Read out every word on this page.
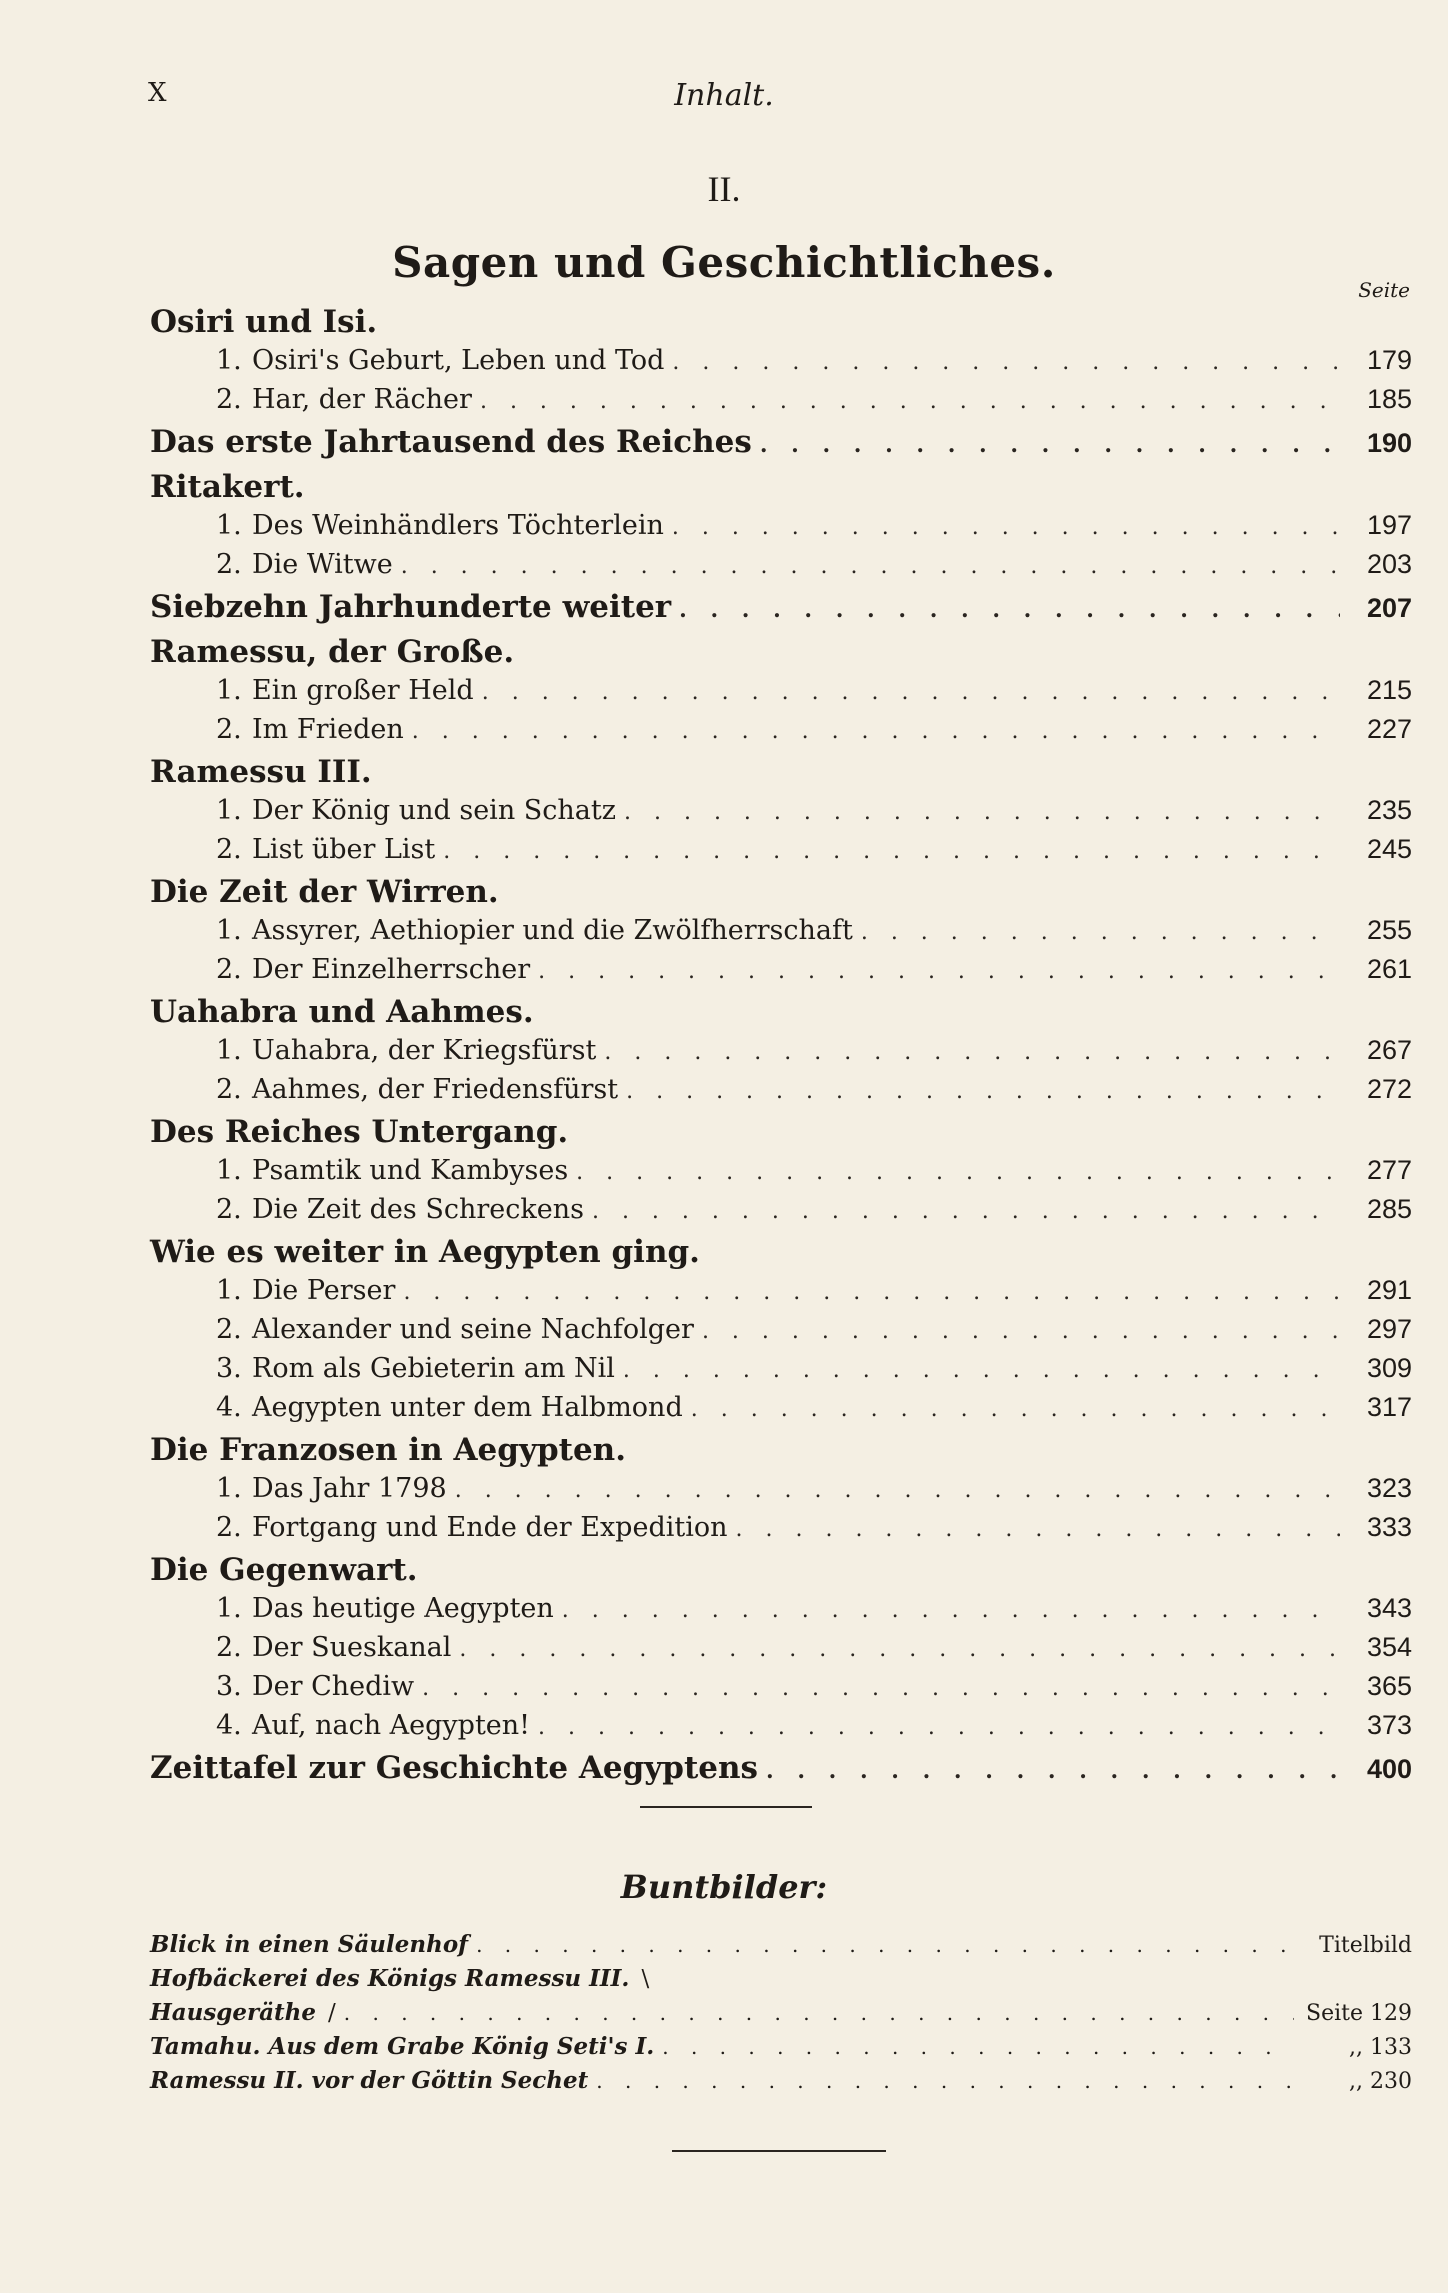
X	Inhalt.
II.
Sagen und Geschichtliches.
Seite
Osiri und Isi.
1. Osiri's Geburt, Leben und Tod . . .	179
2. Har, der Rächer . . .	185
Das erste Jahrtausend des Reiches . . .	190
Ritakert.
1. Des Weinhändlers Töchterlein . . .	197
2. Die Witwe . . .	203
Siebzehn Jahrhunderte weiter . . .	207
Ramessu, der Große.
1. Ein großer Held . . .	215
2. Im Frieden . . .	227
Ramessu III.
1. Der König und sein Schatz . . .	235
2. List über List . . .	245
Die Zeit der Wirren.
1. Assyrer, Aethiopier und die Zwölfherrschaft . . .	255
2. Der Einzelherrscher . . .	261
Uahabra und Aahmes.
1. Uahabra, der Kriegsfürst . . .	267
2. Aahmes, der Friedensfürst . . .	272
Des Reiches Untergang.
1. Psamtik und Kambyses . . .	277
2. Die Zeit des Schreckens . . .	285
Wie es weiter in Aegypten ging.
1. Die Perser . . .	291
2. Alexander und seine Nachfolger . . .	297
3. Rom als Gebieterin am Nil . . .	309
4. Aegypten unter dem Halbmond . . .	317
Die Franzosen in Aegypten.
1. Das Jahr 1798 . . .	323
2. Fortgang und Ende der Expedition . . .	333
Die Gegenwart.
1. Das heutige Aegypten . . .	343
2. Der Sueskanal . . .	354
3. Der Chediw . . .	365
4. Auf, nach Aegypten! . . .	373
Zeittafel zur Geschichte Aegyptens . . .	400
Buntbilder:
Blick in einen Säulenhof . . .	Titelbild
Hofbäckerei des Königs Ramessu III. \
Hausgeräthe / . . .	Seite 129
Tamahu. Aus dem Grabe König Seti's I. . . .	,, 133
Ramessu II. vor der Göttin Sechet . . .	,, 230
